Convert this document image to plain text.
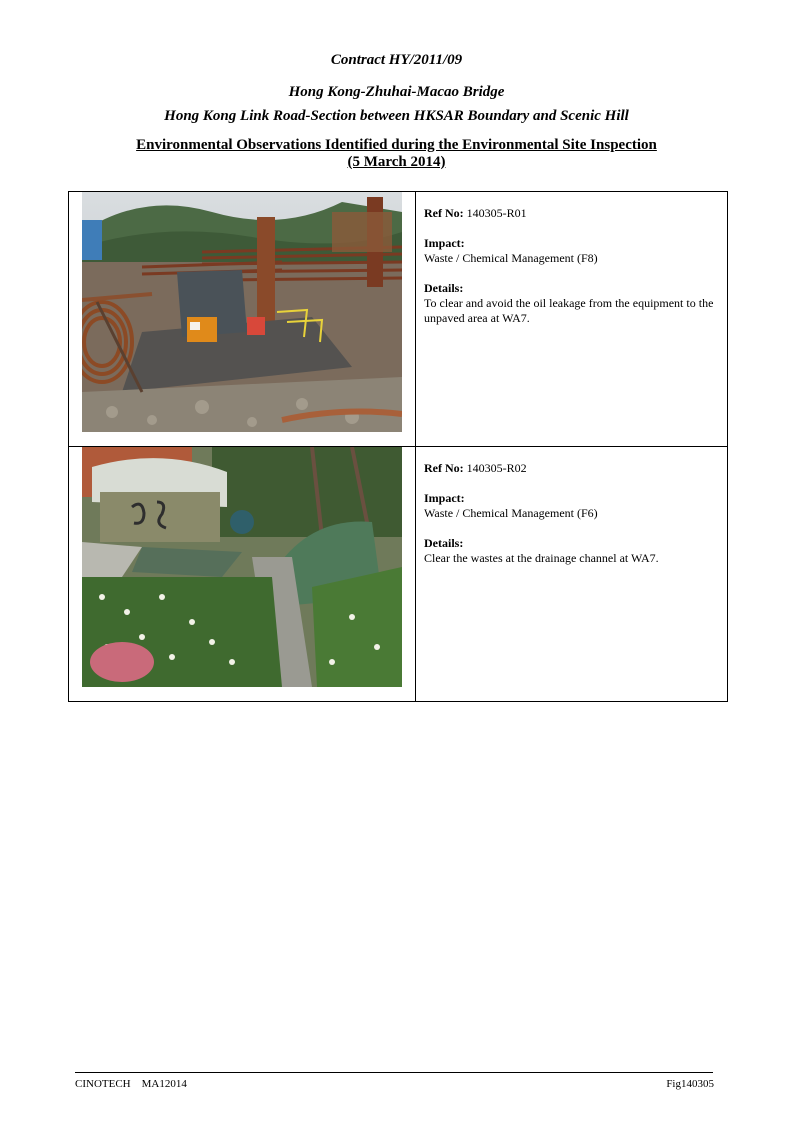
Contract HY/2011/09
Hong Kong-Zhuhai-Macao Bridge
Hong Kong Link Road-Section between HKSAR Boundary and Scenic Hill
Environmental Observations Identified during the Environmental Site Inspection
(5 March 2014)

Ref No: 140305-R01
Impact:
Waste / Chemical Management (F8)
Details:
To clear and avoid the oil leakage from the equipment to the unpaved area at WA7.

Ref No: 140305-R02
Impact:
Waste / Chemical Management (F6)
Details:
Clear the wastes at the drainage channel at WA7.
CINOTECH    MA12014	Fig140305
